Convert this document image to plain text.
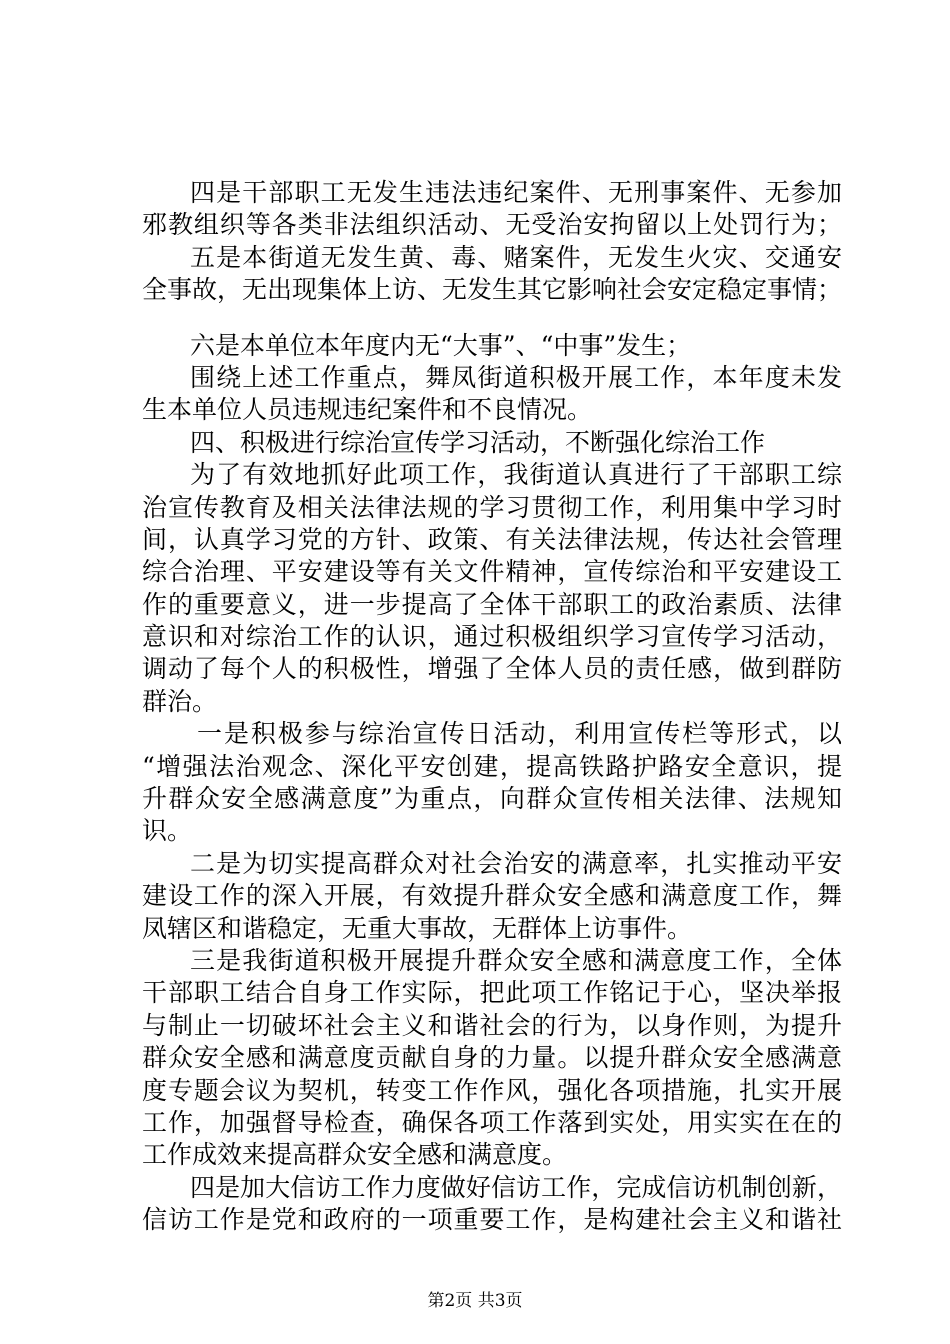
四是干部职工无发生违法违纪案件、无刑事案件、无参加
邪教组织等各类非法组织活动、无受治安拘留以上处罚行为；
五是本街道无发生黄、毒、赌案件，无发生火灾、交通安
全事故，无出现集体上访、无发生其它影响社会安定稳定事情；
六是本单位本年度内无“大事”、“中事”发生；
围绕上述工作重点，舞凤街道积极开展工作，本年度未发
生本单位人员违规违纪案件和不良情况。
四、积极进行综治宣传学习活动，不断强化综治工作
为了有效地抓好此项工作，我街道认真进行了干部职工综
治宣传教育及相关法律法规的学习贯彻工作，利用集中学习时
间，认真学习党的方针、政策、有关法律法规，传达社会管理
综合治理、平安建设等有关文件精神，宣传综治和平安建设工
作的重要意义，进一步提高了全体干部职工的政治素质、法律
意识和对综治工作的认识，通过积极组织学习宣传学习活动，
调动了每个人的积极性，增强了全体人员的责任感，做到群防
群治。
一是积极参与综治宣传日活动，利用宣传栏等形式，以
“增强法治观念、深化平安创建，提高铁路护路安全意识，提
升群众安全感满意度”为重点，向群众宣传相关法律、法规知
识。
二是为切实提高群众对社会治安的满意率，扎实推动平安
建设工作的深入开展，有效提升群众安全感和满意度工作，舞
凤辖区和谐稳定，无重大事故，无群体上访事件。
三是我街道积极开展提升群众安全感和满意度工作，全体
干部职工结合自身工作实际，把此项工作铭记于心，坚决举报
与制止一切破坏社会主义和谐社会的行为，以身作则，为提升
群众安全感和满意度贡献自身的力量。以提升群众安全感满意
度专题会议为契机，转变工作作风，强化各项措施，扎实开展
工作，加强督导检查，确保各项工作落到实处，用实实在在的
工作成效来提高群众安全感和满意度。
四是加大信访工作力度做好信访工作，完成信访机制创新，
信访工作是党和政府的一项重要工作，是构建社会主义和谐社
第2页 共3页
